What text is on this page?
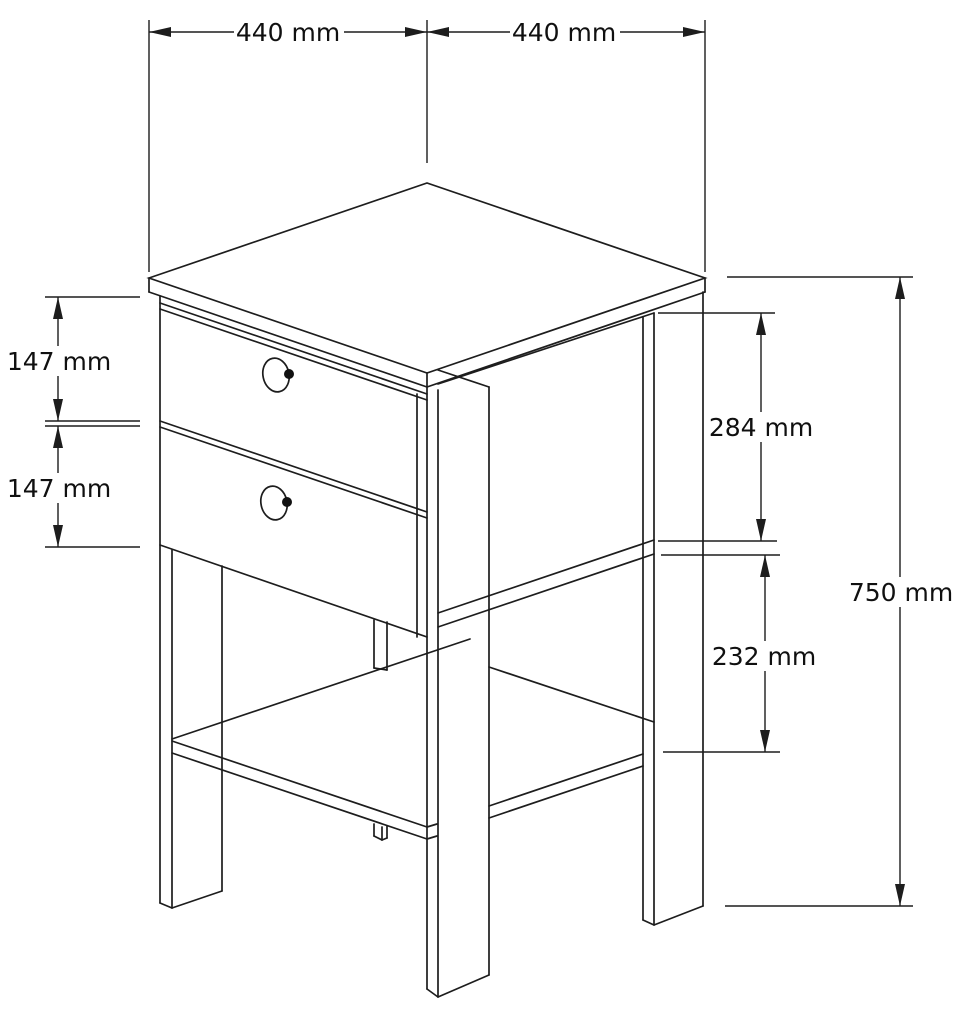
440 mm	440 mm
147 mm
147 mm
284 mm
232 mm
750 mm
